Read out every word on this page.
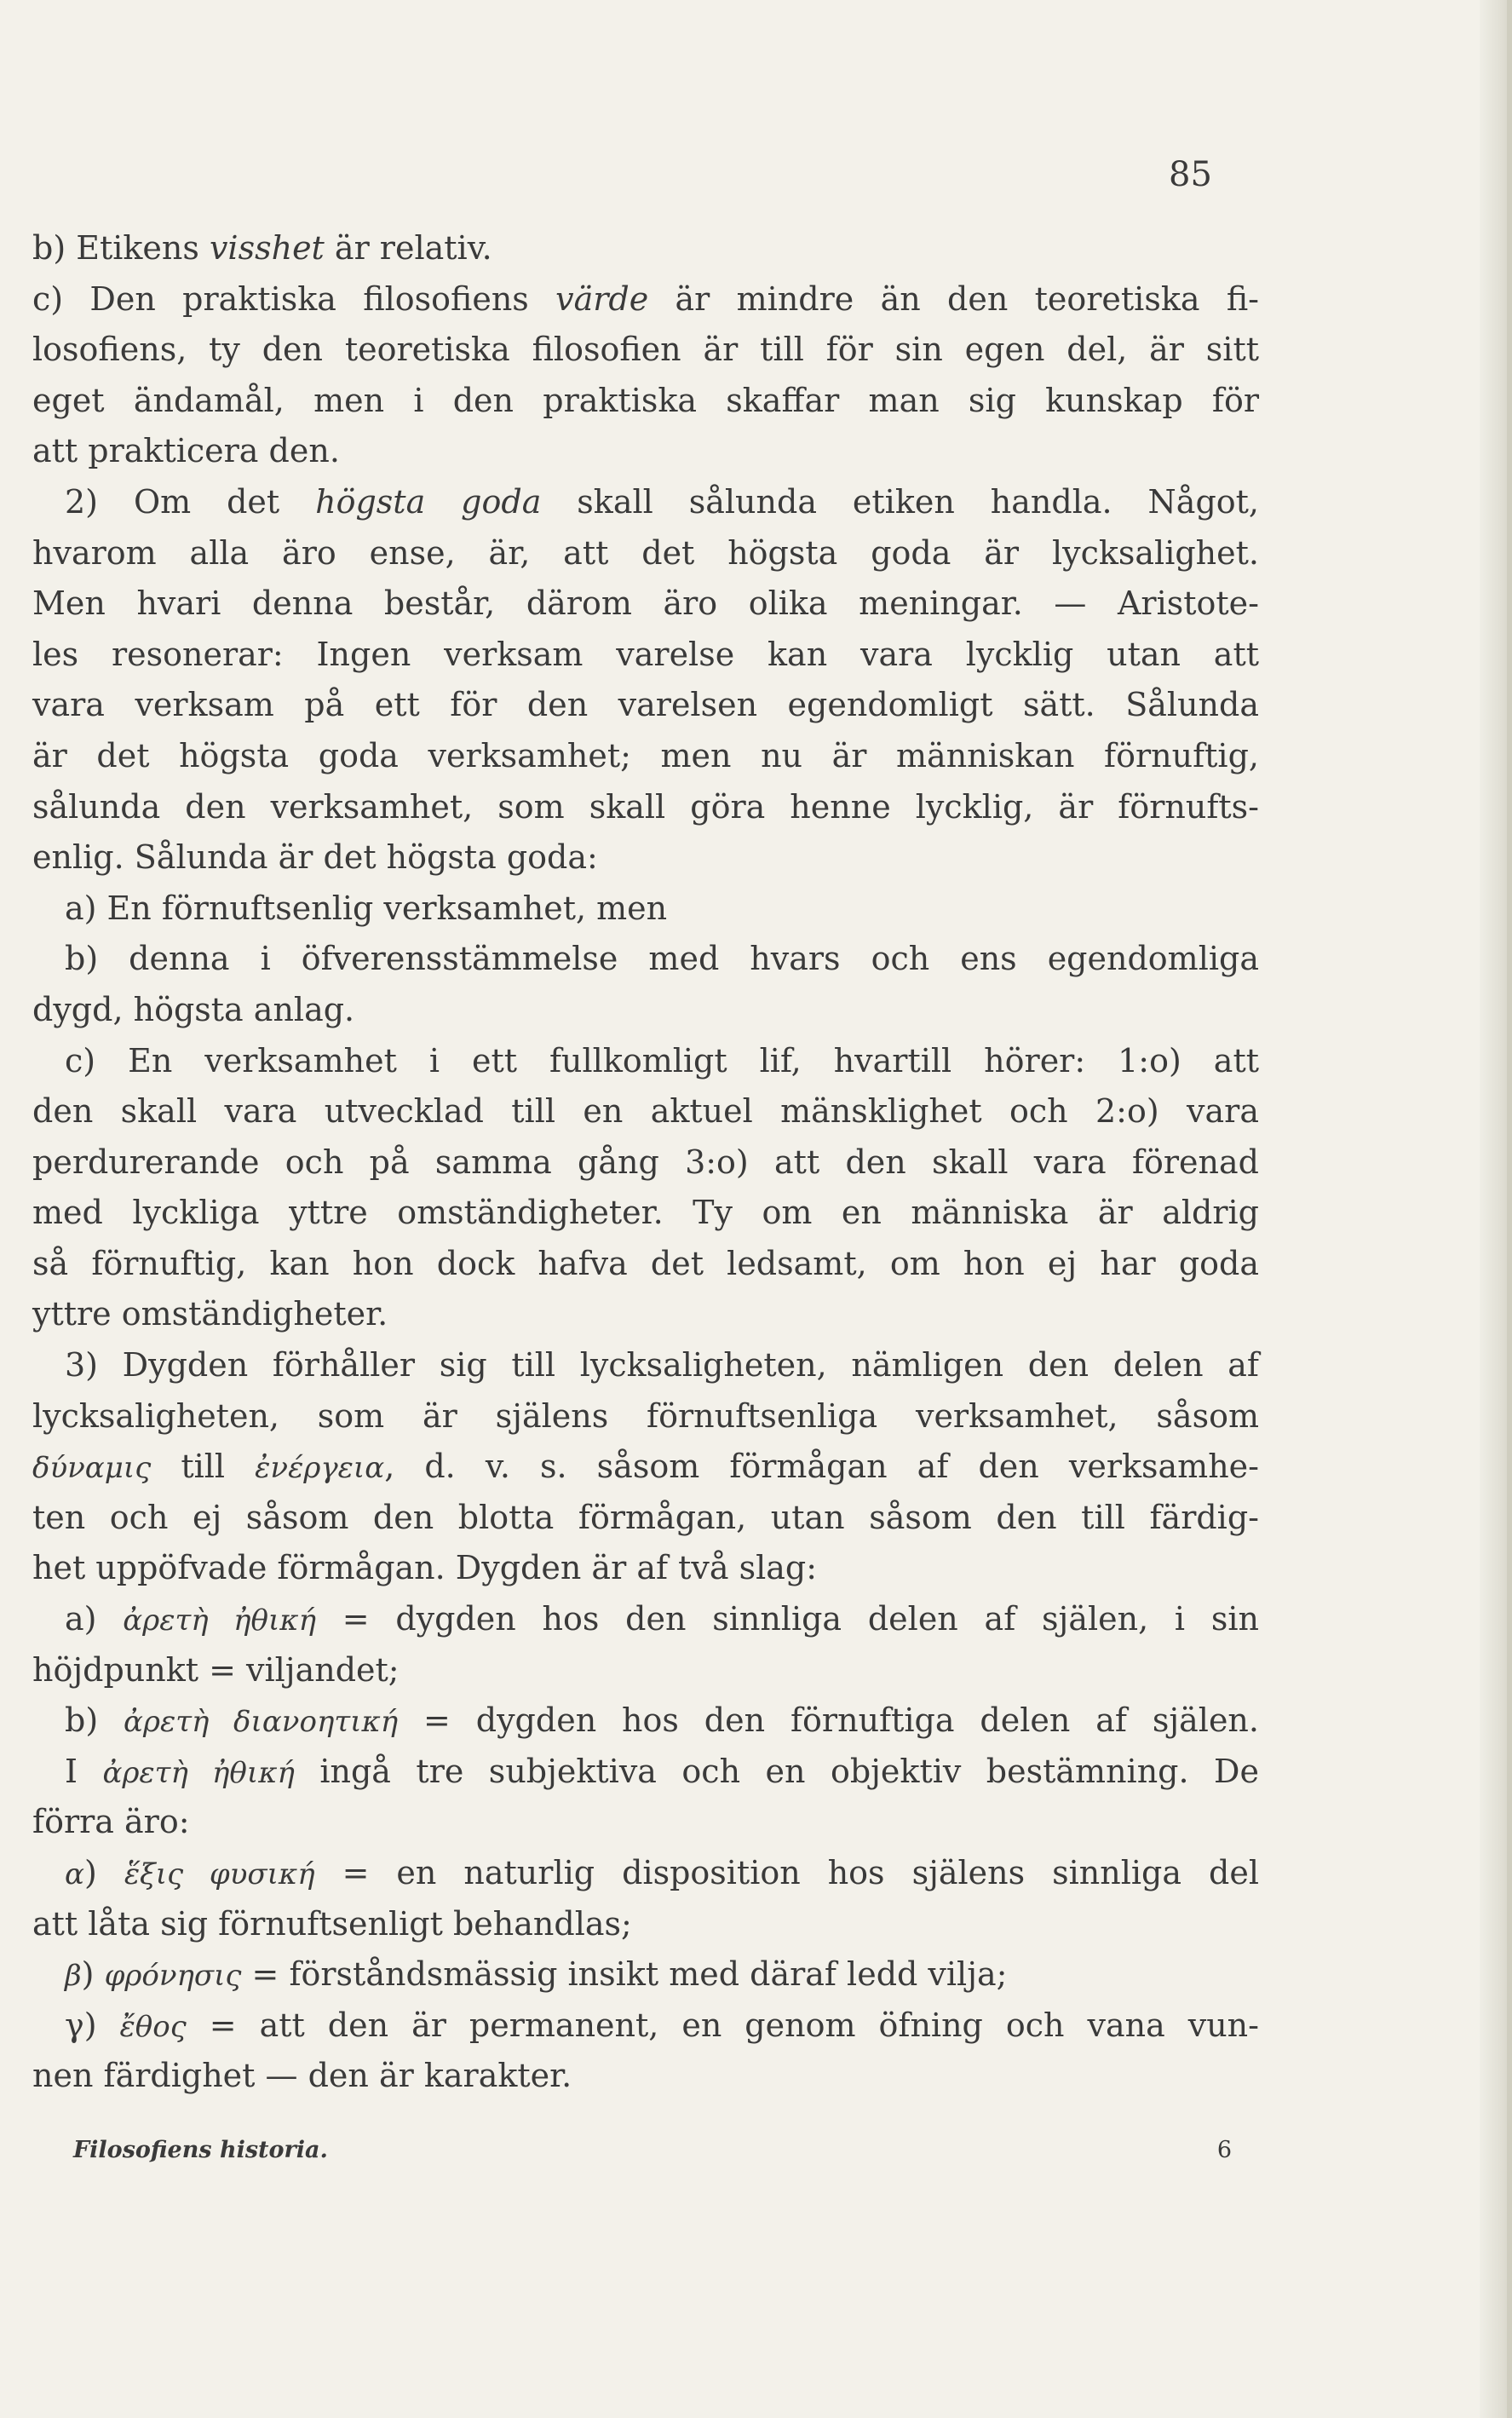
85
b) Etikens visshet är relativ.
c) Den praktiska filosofiens värde är mindre än den teoretiska fi-
losofiens, ty den teoretiska filosofien är till för sin egen del, är sitt
eget ändamål, men i den praktiska skaffar man sig kunskap för
att prakticera den.
2) Om det högsta goda skall sålunda etiken handla. Något,
hvarom alla äro ense, är, att det högsta goda är lycksalighet.
Men hvari denna består, därom äro olika meningar. — Aristote-
les resonerar: Ingen verksam varelse kan vara lycklig utan att
vara verksam på ett för den varelsen egendomligt sätt. Sålunda
är det högsta goda verksamhet; men nu är människan förnuftig,
sålunda den verksamhet, som skall göra henne lycklig, är förnufts-
enlig. Sålunda är det högsta goda:
a) En förnuftsenlig verksamhet, men
b) denna i öfverensstämmelse med hvars och ens egendomliga
dygd, högsta anlag.
c) En verksamhet i ett fullkomligt lif, hvartill hörer: 1:o) att
den skall vara utvecklad till en aktuel mänsklighet och 2:o) vara
perdurerande och på samma gång 3:o) att den skall vara förenad
med lyckliga yttre omständigheter. Ty om en människa är aldrig
så förnuftig, kan hon dock hafva det ledsamt, om hon ej har goda
yttre omständigheter.
3) Dygden förhåller sig till lycksaligheten, nämligen den delen af
lycksaligheten, som är själens förnuftsenliga verksamhet, såsom
δύναμις till ἐνέργεια, d. v. s. såsom förmågan af den verksamhe-
ten och ej såsom den blotta förmågan, utan såsom den till färdig-
het uppöfvade förmågan. Dygden är af två slag:
a) ἀρετὴ ἠθική = dygden hos den sinnliga delen af själen, i sin
höjdpunkt = viljandet;
b) ἀρετὴ διανοητική = dygden hos den förnuftiga delen af själen.
I ἀρετὴ ἠθική ingå tre subjektiva och en objektiv bestämning. De
förra äro:
α) ἕξις φυσική = en naturlig disposition hos själens sinnliga del
att låta sig förnuftsenligt behandlas;
β) φρόνησις = förståndsmässig insikt med däraf ledd vilja;
γ) ἔθος = att den är permanent, en genom öfning och vana vun-
nen färdighet — den är karakter.
Filosofiens historia.	6
